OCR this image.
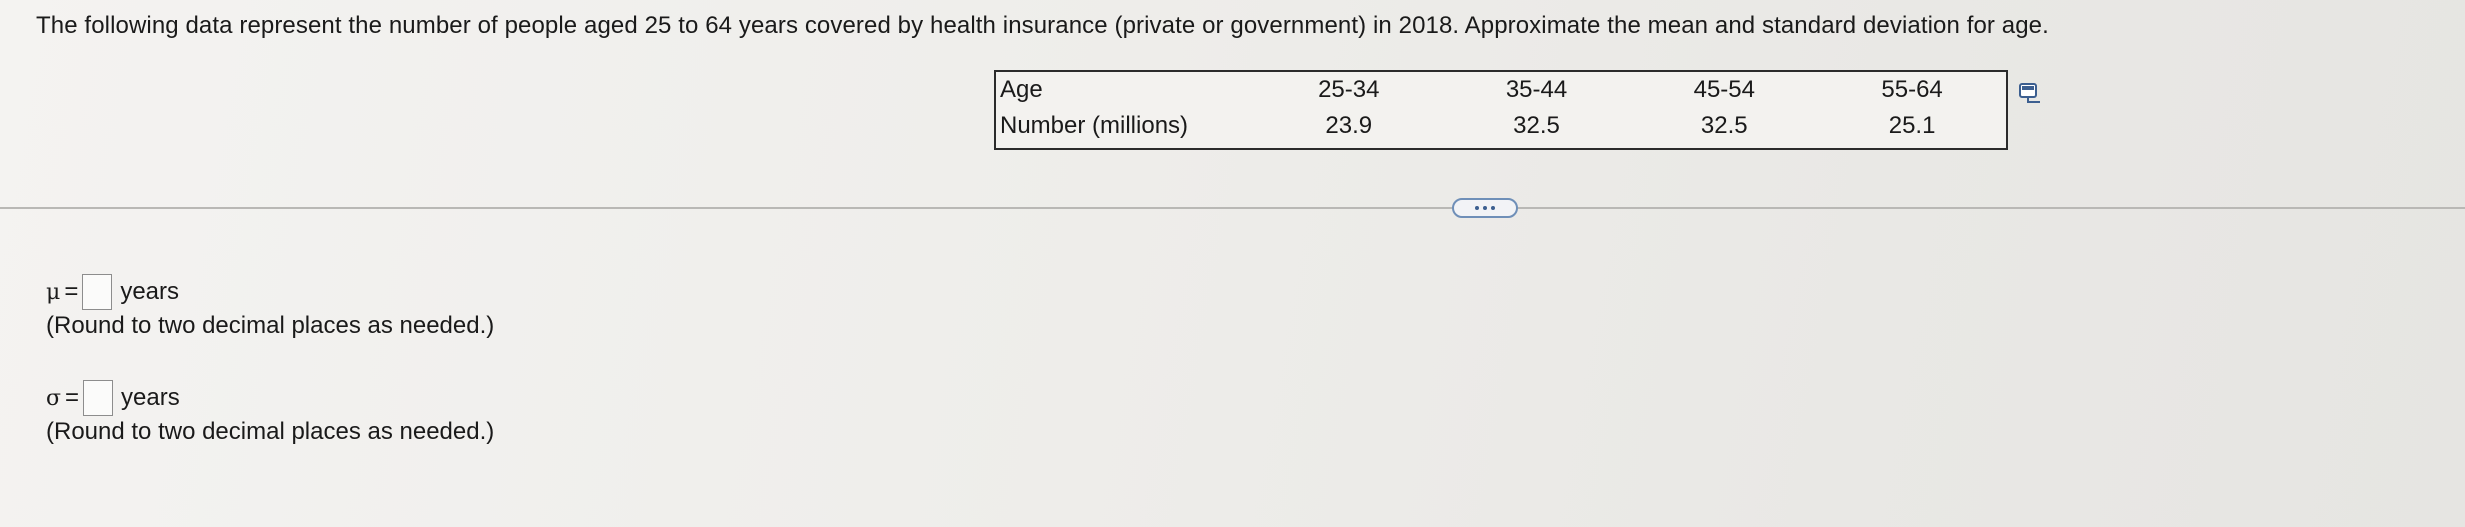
The following data represent the number of people aged 25 to 64 years covered by health insurance (private or government) in 2018. Approximate the mean and standard deviation for age.
Age	25-34	35-44	45-54	55-64
Number (millions)	23.9	32.5	32.5	25.1
μ = years
(Round to two decimal places as needed.)
σ = years
(Round to two decimal places as needed.)
